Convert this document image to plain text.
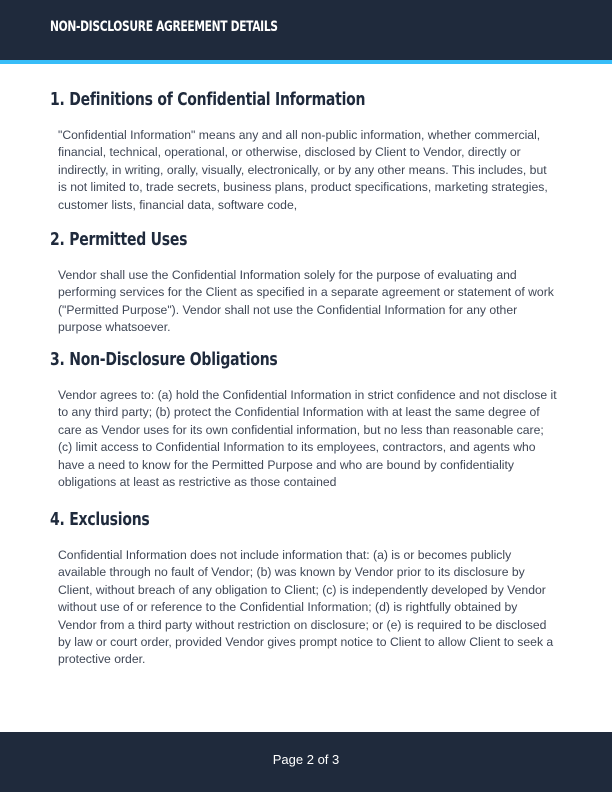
NON-DISCLOSURE AGREEMENT DETAILS
1. Definitions of Confidential Information

"Confidential Information" means any and all non-public information, whether commercial, financial, technical, operational, or otherwise, disclosed by Client to Vendor, directly or indirectly, in writing, orally, visually, electronically, or by any other means. This includes, but is not limited to, trade secrets, business plans, product specifications, marketing strategies, customer lists, financial data, software code,

2. Permitted Uses

Vendor shall use the Confidential Information solely for the purpose of evaluating and performing services for the Client as specified in a separate agreement or statement of work ("Permitted Purpose"). Vendor shall not use the Confidential Information for any other purpose whatsoever.

3. Non-Disclosure Obligations

Vendor agrees to: (a) hold the Confidential Information in strict confidence and not disclose it to any third party; (b) protect the Confidential Information with at least the same degree of care as Vendor uses for its own confidential information, but no less than reasonable care; (c) limit access to Confidential Information to its employees, contractors, and agents who have a need to know for the Permitted Purpose and who are bound by confidentiality obligations at least as restrictive as those contained

4. Exclusions

Confidential Information does not include information that: (a) is or becomes publicly available through no fault of Vendor; (b) was known by Vendor prior to its disclosure by Client, without breach of any obligation to Client; (c) is independently developed by Vendor without use of or reference to the Confidential Information; (d) is rightfully obtained by Vendor from a third party without restriction on disclosure; or (e) is required to be disclosed by law or court order, provided Vendor gives prompt notice to Client to allow Client to seek a protective order.

Page 2 of 3
